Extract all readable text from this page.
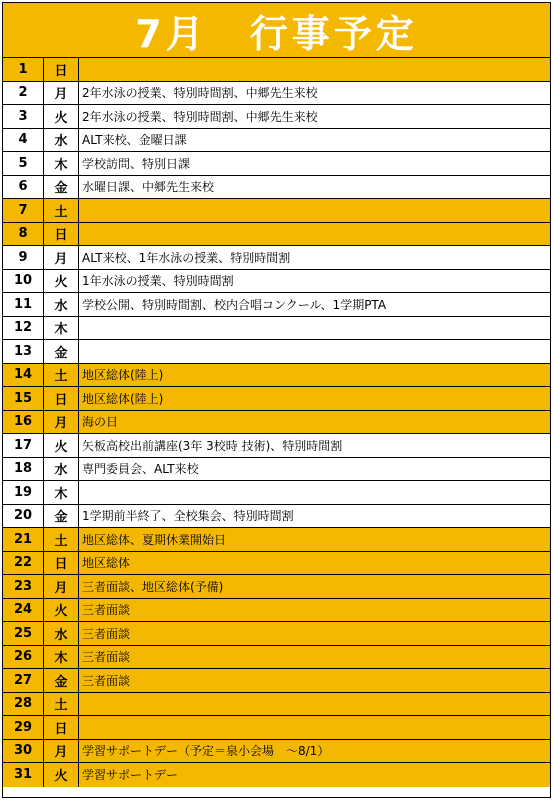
7月　行事予定
1	日
2	月	2年水泳の授業、特別時間割、中郷先生来校
3	火	2年水泳の授業、特別時間割、中郷先生来校
4	水	ALT来校、金曜日課
5	木	学校訪問、特別日課
6	金	水曜日課、中郷先生来校
7	土
8	日
9	月	ALT来校、1年水泳の授業、特別時間割
10	火	1年水泳の授業、特別時間割
11	水	学校公開、特別時間割、校内合唱コンクール、1学期PTA
12	木
13	金
14	土	地区総体(陸上)
15	日	地区総体(陸上)
16	月	海の日
17	火	矢板高校出前講座(3年 3校時 技術)、特別時間割
18	水	専門委員会、ALT来校
19	木
20	金	1学期前半終了、全校集会、特別時間割
21	土	地区総体、夏期休業開始日
22	日	地区総体
23	月	三者面談、地区総体(予備)
24	火	三者面談
25	水	三者面談
26	木	三者面談
27	金	三者面談
28	土
29	日
30	月	学習サポートデー（予定＝泉小会場　～8/1）
31	火	学習サポートデー
